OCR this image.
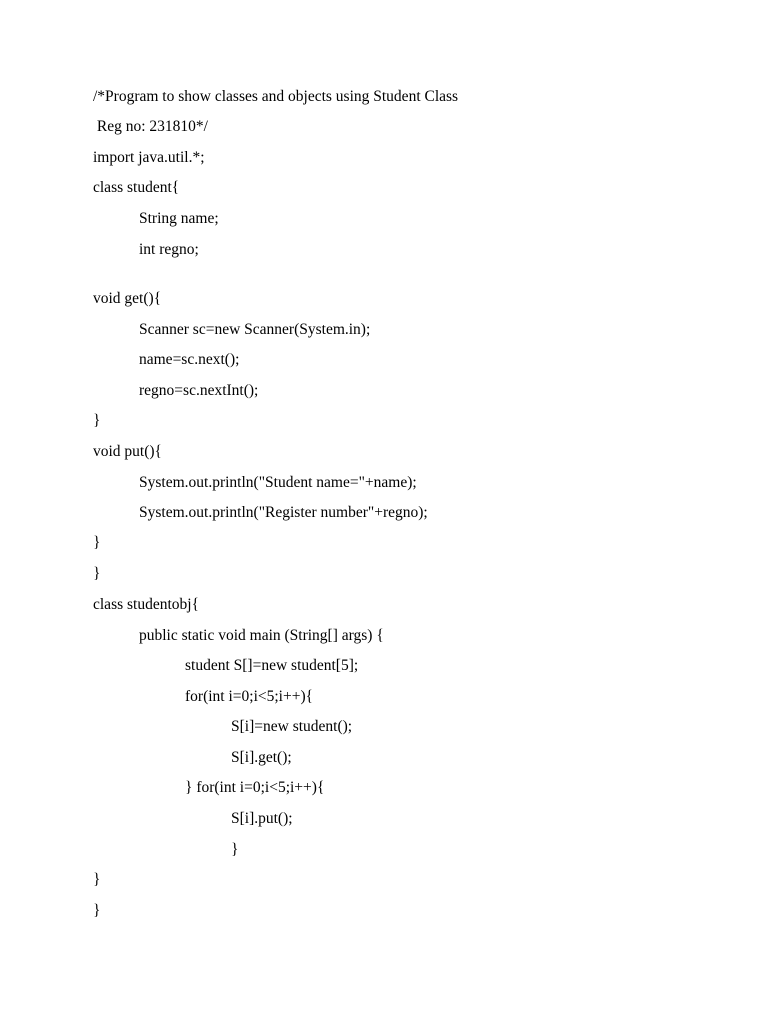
/*Program to show classes and objects using Student Class
Reg no: 231810*/
import java.util.*;
class student{
String name;
int regno;
void get(){
Scanner sc=new Scanner(System.in);
name=sc.next();
regno=sc.nextInt();
}
void put(){
System.out.println("Student name="+name);
System.out.println("Register number"+regno);
}
}
class studentobj{
public static void main (String[] args) {
student S[]=new student[5];
for(int i=0;i<5;i++){
S[i]=new student();
S[i].get();
} for(int i=0;i<5;i++){
S[i].put();
}
}
}
